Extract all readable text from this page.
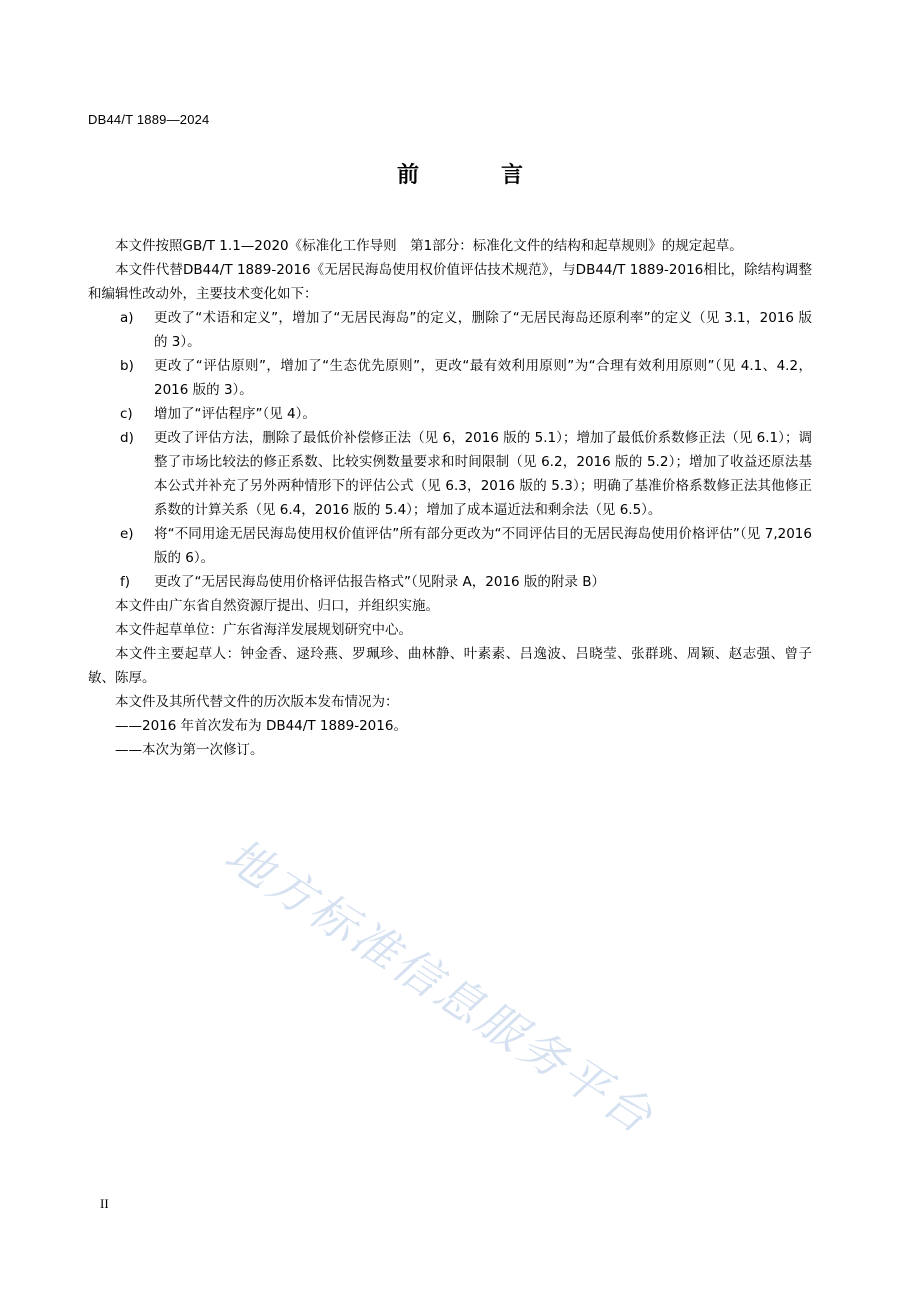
DB44/T 1889—2024
前　言

本文件按照GB/T 1.1—2020《标准化工作导则　第1部分：标准化文件的结构和起草规则》的规定起草。

本文件代替DB44/T 1889-2016《无居民海岛使用权价值评估技术规范》，与DB44/T 1889-2016相比，除结构调整和编辑性改动外，主要技术变化如下：

a) 更改了“术语和定义”，增加了“无居民海岛”的定义，删除了“无居民海岛还原利率”的定义（见 3.1，2016 版的 3）。

b) 更改了“评估原则”，增加了“生态优先原则”，更改“最有效利用原则”为“合理有效利用原则”（见 4.1、4.2，2016 版的 3）。

c) 增加了“评估程序”（见 4）。

d) 更改了评估方法，删除了最低价补偿修正法（见 6，2016 版的 5.1）；增加了最低价系数修正法（见 6.1）；调整了市场比较法的修正系数、比较实例数量要求和时间限制（见 6.2，2016 版的 5.2）；增加了收益还原法基本公式并补充了另外两种情形下的评估公式（见 6.3，2016 版的 5.3）；明确了基准价格系数修正法其他修正系数的计算关系（见 6.4，2016 版的 5.4）；增加了成本逼近法和剩余法（见 6.5）。

e) 将“不同用途无居民海岛使用权价值评估”所有部分更改为“不同评估目的无居民海岛使用价格评估”（见 7,2016 版的 6）。

f) 更改了“无居民海岛使用价格评估报告格式”（见附录 A，2016 版的附录 B）

本文件由广东省自然资源厅提出、归口，并组织实施。

本文件起草单位：广东省海洋发展规划研究中心。

本文件主要起草人：钟金香、逯玲燕、罗珮珍、曲林静、叶素素、吕逸波、吕晓莹、张群珧、周颖、赵志强、曾子敏、陈厚。

本文件及其所代替文件的历次版本发布情况为：

——2016 年首次发布为 DB44/T 1889-2016。

——本次为第一次修订。

地方标准信息服务平台
II
